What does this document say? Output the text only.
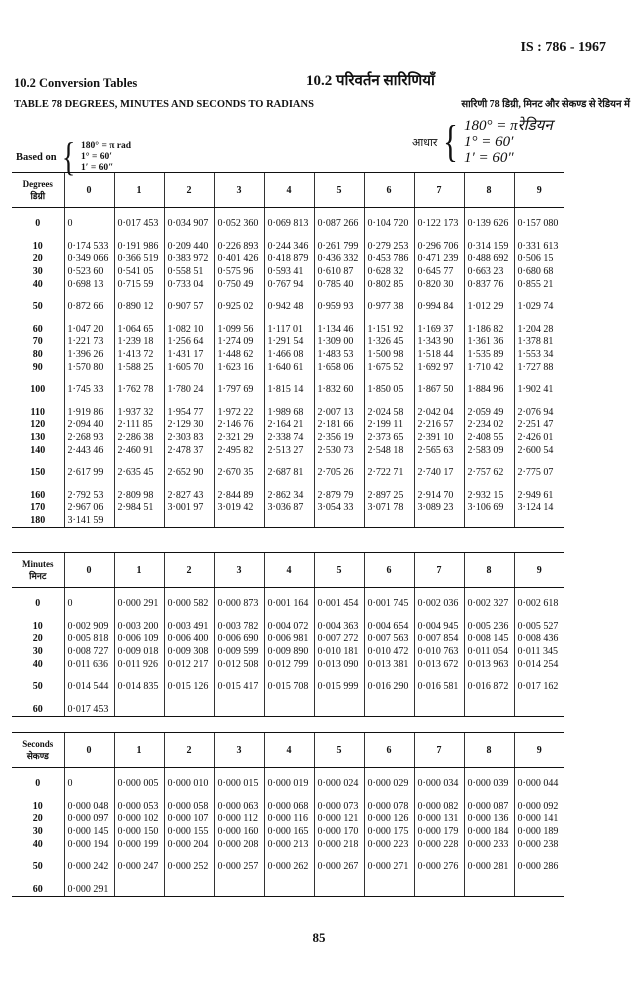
IS : 786 - 1967
10.2 Conversion Tables	10.2 परिवर्तन सारिणियाँ
TABLE 78 DEGREES, MINUTES AND SECONDS TO RADIANS	सारिणी 78 डिग्री, मिनट और सेकण्ड से रेडियन में
Based on { 180° = π rad
1° = 60′
1′ = 60″
आधार { 180° = πरेडियन
1° = 60′
1′ = 60″
Degrees
डिग्री	0	1	2	3	4	5	6	7	8	9

0	0	0·017 453	0·034 907	0·052 360	0·069 813	0·087 266	0·104 720	0·122 173	0·139 626	0·157 080

10	0·174 533	0·191 986	0·209 440	0·226 893	0·244 346	0·261 799	0·279 253	0·296 706	0·314 159	0·331 613
20	0·349 066	0·366 519	0·383 972	0·401 426	0·418 879	0·436 332	0·453 786	0·471 239	0·488 692	0·506 15
30	0·523 60	0·541 05	0·558 51	0·575 96	0·593 41	0·610 87	0·628 32	0·645 77	0·663 23	0·680 68
40	0·698 13	0·715 59	0·733 04	0·750 49	0·767 94	0·785 40	0·802 85	0·820 30	0·837 76	0·855 21

50	0·872 66	0·890 12	0·907 57	0·925 02	0·942 48	0·959 93	0·977 38	0·994 84	1·012 29	1·029 74

60	1·047 20	1·064 65	1·082 10	1·099 56	1·117 01	1·134 46	1·151 92	1·169 37	1·186 82	1·204 28
70	1·221 73	1·239 18	1·256 64	1·274 09	1·291 54	1·309 00	1·326 45	1·343 90	1·361 36	1·378 81
80	1·396 26	1·413 72	1·431 17	1·448 62	1·466 08	1·483 53	1·500 98	1·518 44	1·535 89	1·553 34
90	1·570 80	1·588 25	1·605 70	1·623 16	1·640 61	1·658 06	1·675 52	1·692 97	1·710 42	1·727 88

100	1·745 33	1·762 78	1·780 24	1·797 69	1·815 14	1·832 60	1·850 05	1·867 50	1·884 96	1·902 41

110	1·919 86	1·937 32	1·954 77	1·972 22	1·989 68	2·007 13	2·024 58	2·042 04	2·059 49	2·076 94
120	2·094 40	2·111 85	2·129 30	2·146 76	2·164 21	2·181 66	2·199 11	2·216 57	2·234 02	2·251 47
130	2·268 93	2·286 38	2·303 83	2·321 29	2·338 74	2·356 19	2·373 65	2·391 10	2·408 55	2·426 01
140	2·443 46	2·460 91	2·478 37	2·495 82	2·513 27	2·530 73	2·548 18	2·565 63	2·583 09	2·600 54

150	2·617 99	2·635 45	2·652 90	2·670 35	2·687 81	2·705 26	2·722 71	2·740 17	2·757 62	2·775 07

160	2·792 53	2·809 98	2·827 43	2·844 89	2·862 34	2·879 79	2·897 25	2·914 70	2·932 15	2·949 61
170	2·967 06	2·984 51	3·001 97	3·019 42	3·036 87	3·054 33	3·071 78	3·089 23	3·106 69	3·124 14
180	3·141 59									
Minutes
मिनट	0	1	2	3	4	5	6	7	8	9

0	0	0·000 291	0·000 582	0·000 873	0·001 164	0·001 454	0·001 745	0·002 036	0·002 327	0·002 618

10	0·002 909	0·003 200	0·003 491	0·003 782	0·004 072	0·004 363	0·004 654	0·004 945	0·005 236	0·005 527
20	0·005 818	0·006 109	0·006 400	0·006 690	0·006 981	0·007 272	0·007 563	0·007 854	0·008 145	0·008 436
30	0·008 727	0·009 018	0·009 308	0·009 599	0·009 890	0·010 181	0·010 472	0·010 763	0·011 054	0·011 345
40	0·011 636	0·011 926	0·012 217	0·012 508	0·012 799	0·013 090	0·013 381	0·013 672	0·013 963	0·014 254

50	0·014 544	0·014 835	0·015 126	0·015 417	0·015 708	0·015 999	0·016 290	0·016 581	0·016 872	0·017 162

60	0·017 453									
Seconds
सेकण्ड	0	1	2	3	4	5	6	7	8	9

0	0	0·000 005	0·000 010	0·000 015	0·000 019	0·000 024	0·000 029	0·000 034	0·000 039	0·000 044

10	0·000 048	0·000 053	0·000 058	0·000 063	0·000 068	0·000 073	0·000 078	0·000 082	0·000 087	0·000 092
20	0·000 097	0·000 102	0·000 107	0·000 112	0·000 116	0·000 121	0·000 126	0·000 131	0·000 136	0·000 141
30	0·000 145	0·000 150	0·000 155	0·000 160	0·000 165	0·000 170	0·000 175	0·000 179	0·000 184	0·000 189
40	0·000 194	0·000 199	0·000 204	0·000 208	0·000 213	0·000 218	0·000 223	0·000 228	0·000 233	0·000 238

50	0·000 242	0·000 247	0·000 252	0·000 257	0·000 262	0·000 267	0·000 271	0·000 276	0·000 281	0·000 286

60	0·000 291									
85
